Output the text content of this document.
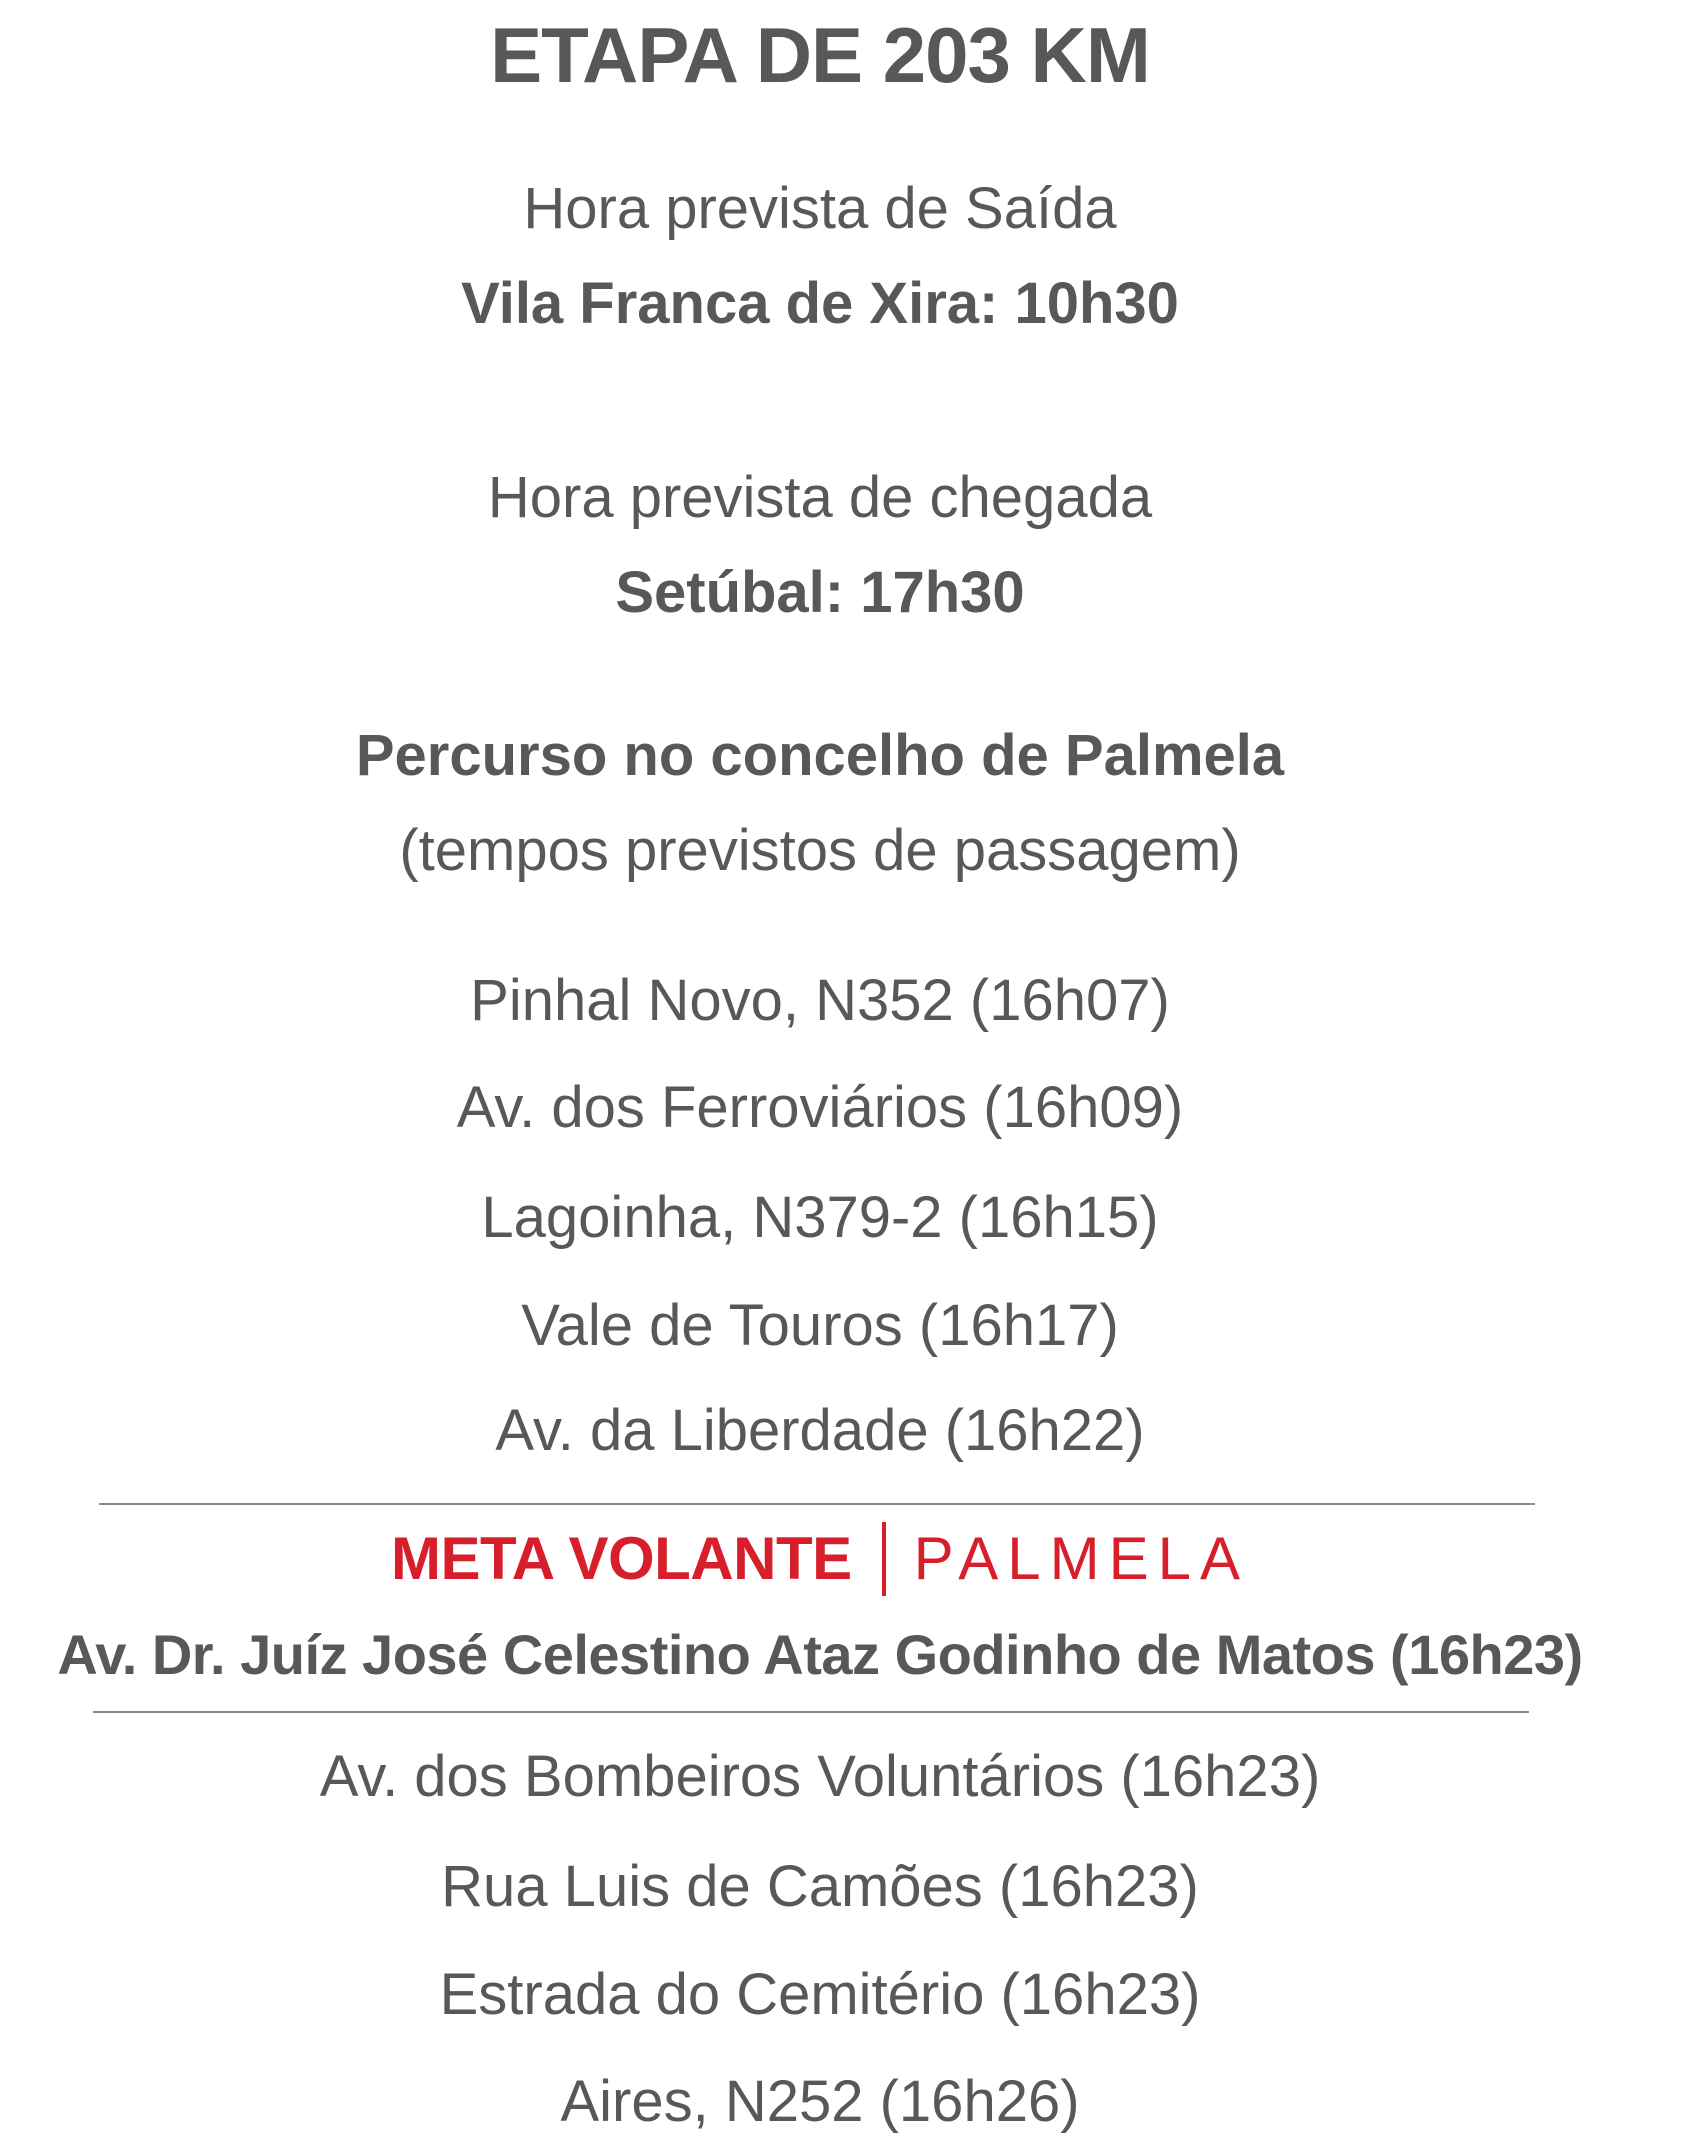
ETAPA DE 203 KM
Hora prevista de Saída
Vila Franca de Xira: 10h30
Hora prevista de chegada
Setúbal: 17h30
Percurso no concelho de Palmela
(tempos previstos de passagem)
Pinhal Novo, N352 (16h07)
Av. dos Ferroviários (16h09)
Lagoinha, N379-2 (16h15)
Vale de Touros (16h17)
Av. da Liberdade (16h22)
META VOLANTE PALMELA
Av. Dr. Juíz José Celestino Ataz Godinho de Matos (16h23)
Av. dos Bombeiros Voluntários (16h23)
Rua Luis de Camões (16h23)
Estrada do Cemitério (16h23)
Aires, N252 (16h26)
